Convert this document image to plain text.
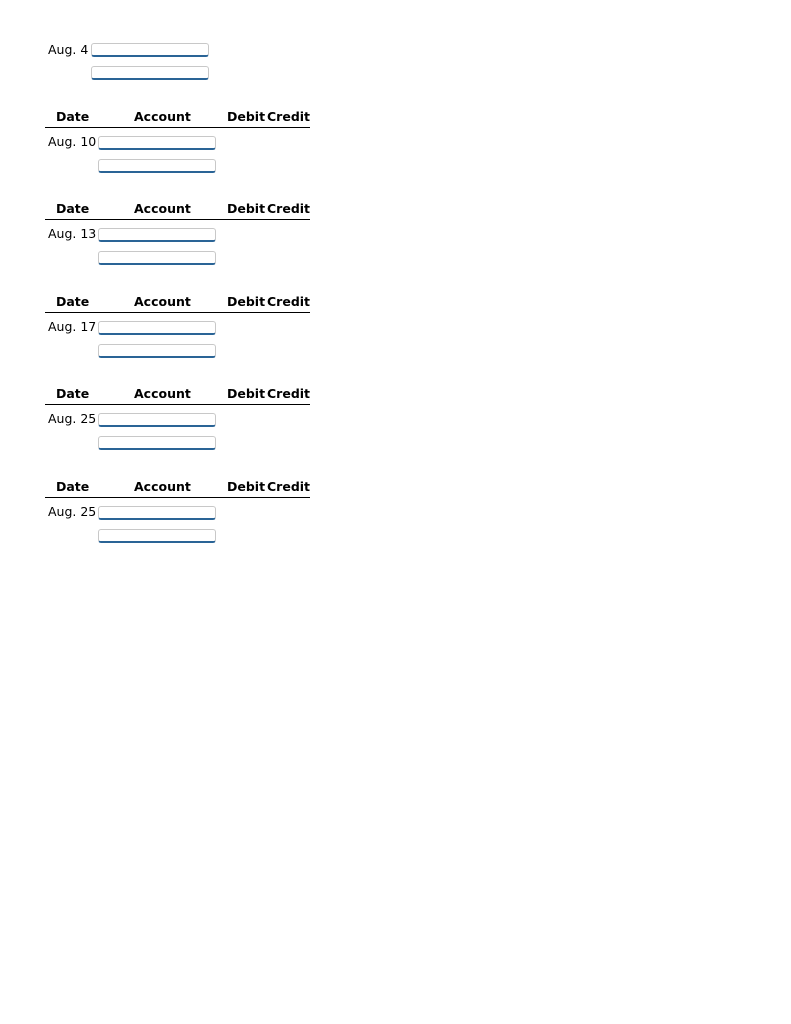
Aug. 4
Date	Account	Debit Credit
Aug. 10
Date	Account	Debit Credit
Aug. 13
Date	Account	Debit Credit
Aug. 17
Date	Account	Debit Credit
Aug. 25
Date	Account	Debit Credit
Aug. 25
